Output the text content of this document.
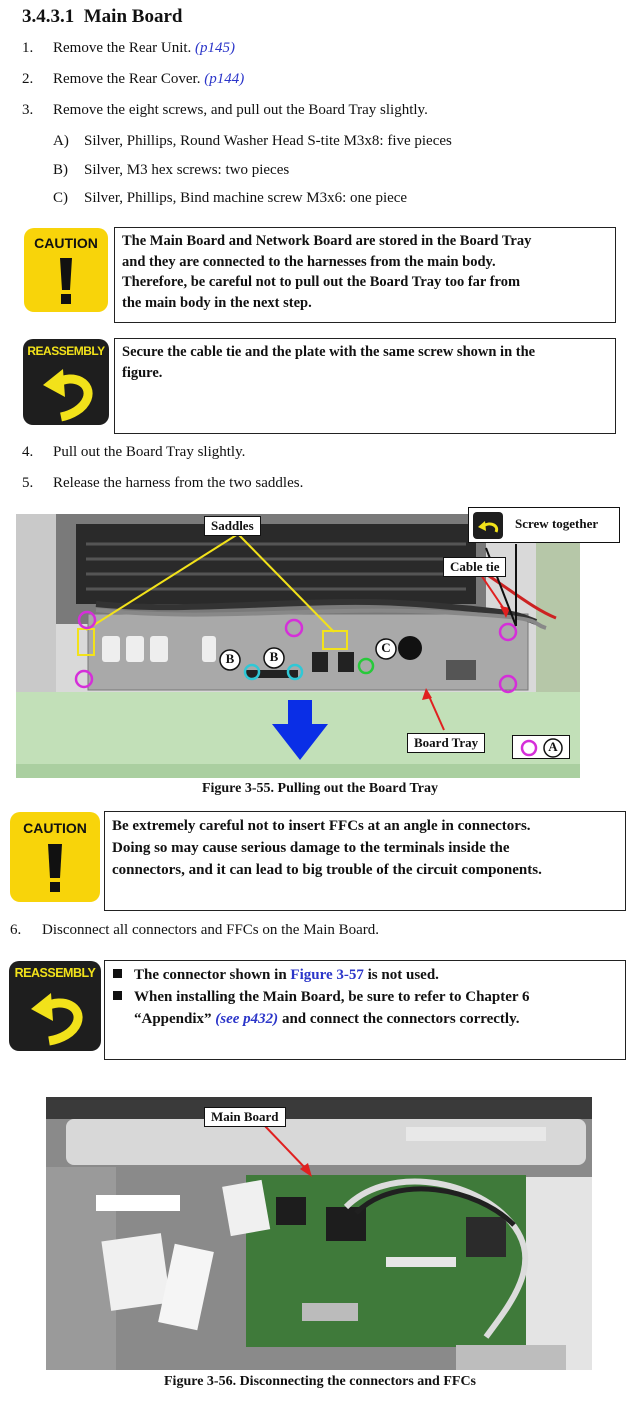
3.4.3.1 Main Board
1. Remove the Rear Unit. (p145)
2. Remove the Rear Cover. (p144)
3. Remove the eight screws, and pull out the Board Tray slightly.
A) Silver, Phillips, Round Washer Head S-tite M3x8: five pieces
B) Silver, M3 hex screws: two pieces
C) Silver, Phillips, Bind machine screw M3x6: one piece
CAUTION	The Main Board and Network Board are stored in the Board Tray
and they are connected to the harnesses from the main body.
Therefore, be careful not to pull out the Board Tray too far from
the main body in the next step.
REASSEMBLY	Secure the cable tie and the plate with the same screw shown in the
figure.
4. Pull out the Board Tray slightly.
5. Release the harness from the two saddles.
B	B
C
Saddles	Screw together
Cable tie
Board Tray	A
Figure 3-55. Pulling out the Board Tray
CAUTION	Be extremely careful not to insert FFCs at an angle in connectors.
Doing so may cause serious damage to the terminals inside the
connectors, and it can lead to big trouble of the circuit components.
6. Disconnect all connectors and FFCs on the Main Board.
REASSEMBLY	The connector shown in Figure 3-57 is not used.
When installing the Main Board, be sure to refer to Chapter 6
“Appendix” (see p432) and connect the connectors correctly.
Main Board
Figure 3-56. Disconnecting the connectors and FFCs
